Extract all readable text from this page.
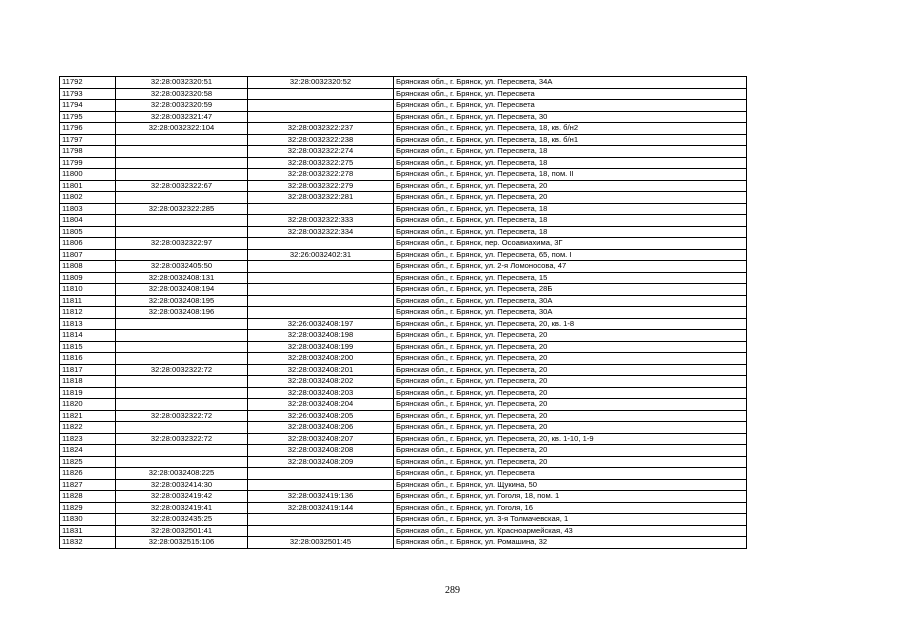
11792	32:28:0032320:51	32:28:0032320:52	Брянская обл., г. Брянск, ул. Пересвета, 34А
11793	32:28:0032320:58		Брянская обл., г. Брянск, ул. Пересвета
11794	32:28:0032320:59		Брянская обл., г. Брянск, ул. Пересвета
11795	32:28:0032321:47		Брянская обл., г. Брянск, ул. Пересвета, 30
11796	32:28:0032322:104	32:28:0032322:237	Брянская обл., г. Брянск, ул. Пересвета, 18, кв. б/н2
11797		32:28:0032322:238	Брянская обл., г. Брянск, ул. Пересвета, 18, кв. б/н1
11798		32:28:0032322:274	Брянская обл., г. Брянск, ул. Пересвета, 18
11799		32:28:0032322:275	Брянская обл., г. Брянск, ул. Пересвета, 18
11800		32:28:0032322:278	Брянская обл., г. Брянск, ул. Пересвета, 18, пом. II
11801	32:28:0032322:67	32:28:0032322:279	Брянская обл., г. Брянск, ул. Пересвета, 20
11802		32:28:0032322:281	Брянская обл., г. Брянск, ул. Пересвета, 20
11803	32:28:0032322:285		Брянская обл., г. Брянск, ул. Пересвета, 18
11804		32:28:0032322:333	Брянская обл., г. Брянск, ул. Пересвета, 18
11805		32:28:0032322:334	Брянская обл., г. Брянск, ул. Пересвета, 18
11806	32:28:0032322:97		Брянская обл., г. Брянск, пер. Осоавиахима, 3Г
11807		32:26:0032402:31	Брянская обл., г. Брянск, ул. Пересвета, 65, пом. I
11808	32:28:0032405:50		Брянская обл., г. Брянск, ул. 2-я Ломоносова, 47
11809	32:28:0032408:131		Брянская обл., г. Брянск, ул. Пересвета, 15
11810	32:28:0032408:194		Брянская обл., г. Брянск, ул. Пересвета, 28Б
11811	32:28:0032408:195		Брянская обл., г. Брянск, ул. Пересвета, 30А
11812	32:28:0032408:196		Брянская обл., г. Брянск, ул. Пересвета, 30А
11813		32:26:0032408:197	Брянская обл., г. Брянск, ул. Пересвета, 20, кв. 1-8
11814		32:28:0032408:198	Брянская обл., г. Брянск, ул. Пересвета, 20
11815		32:28:0032408:199	Брянская обл., г. Брянск, ул. Пересвета, 20
11816		32:28:0032408:200	Брянская обл., г. Брянск, ул. Пересвета, 20
11817	32:28:0032322:72	32:28:0032408:201	Брянская обл., г. Брянск, ул. Пересвета, 20
11818		32:28:0032408:202	Брянская обл., г. Брянск, ул. Пересвета, 20
11819		32:28:0032408:203	Брянская обл., г. Брянск, ул. Пересвета, 20
11820		32:28:0032408:204	Брянская обл., г. Брянск, ул. Пересвета, 20
11821	32:28:0032322:72	32:26:0032408:205	Брянская обл., г. Брянск, ул. Пересвета, 20
11822		32:28:0032408:206	Брянская обл., г. Брянск, ул. Пересвета, 20
11823	32:28:0032322:72	32:28:0032408:207	Брянская обл., г. Брянск, ул. Пересвета, 20, кв. 1-10, 1-9
11824		32:28:0032408:208	Брянская обл., г. Брянск, ул. Пересвета, 20
11825		32:28:0032408:209	Брянская обл., г. Брянск, ул. Пересвета, 20
11826	32:28:0032408:225		Брянская обл., г. Брянск, ул. Пересвета
11827	32:28:0032414:30		Брянская обл., г. Брянск, ул. Щукина, 50
11828	32:28:0032419:42	32:28:0032419:136	Брянская обл., г. Брянск, ул. Гоголя, 18, пом. 1
11829	32:28:0032419:41	32:28:0032419:144	Брянская обл., г. Брянск, ул. Гоголя, 16
11830	32:28:0032435:25		Брянская обл., г. Брянск, ул. 3-я Толмачевская, 1
11831	32:28:0032501:41		Брянская обл., г. Брянск, ул. Красноармейская, 43
11832	32:28:0032515:106	32:28:0032501:45	Брянская обл., г. Брянск, ул. Ромашина, 32
289
